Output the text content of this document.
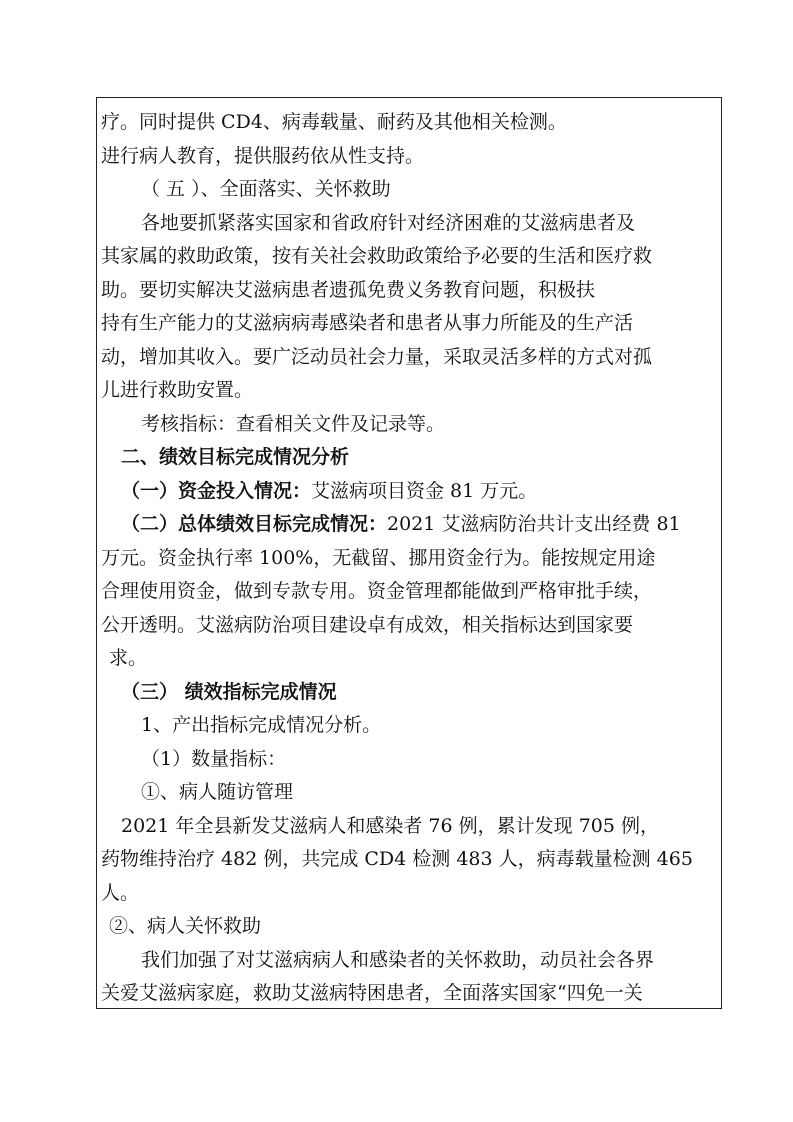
疗。同时提供 CD4、病毒载量、耐药及其他相关检测。
进行病人教育，提供服药依从性支持。
（ 五 ）、全面落实、关怀救助
各地要抓紧落实国家和省政府针对经济困难的艾滋病患者及
其家属的救助政策，按有关社会救助政策给予必要的生活和医疗救
助。要切实解决艾滋病患者遗孤免费义务教育问题，积极扶
持有生产能力的艾滋病病毒感染者和患者从事力所能及的生产活
动，增加其收入。要广泛动员社会力量，采取灵活多样的方式对孤
儿进行救助安置。
考核指标：查看相关文件及记录等。
二、绩效目标完成情况分析
（一）资金投入情况：艾滋病项目资金 81 万元。
（二）总体绩效目标完成情况：2021 艾滋病防治共计支出经费 81
万元。资金执行率 100%，无截留、挪用资金行为。能按规定用途
合理使用资金，做到专款专用。资金管理都能做到严格审批手续，
公开透明。艾滋病防治项目建设卓有成效，相关指标达到国家要
求。
（三） 绩效指标完成情况
1、产出指标完成情况分析。
（1）数量指标：
①、病人随访管理
2021 年全县新发艾滋病人和感染者 76 例，累计发现 705 例，
药物维持治疗 482 例，共完成 CD4 检测 483 人，病毒载量检测 465
人。
②、病人关怀救助
我们加强了对艾滋病病人和感染者的关怀救助，动员社会各界
关爱艾滋病家庭，救助艾滋病特困患者，全面落实国家“四免一关
